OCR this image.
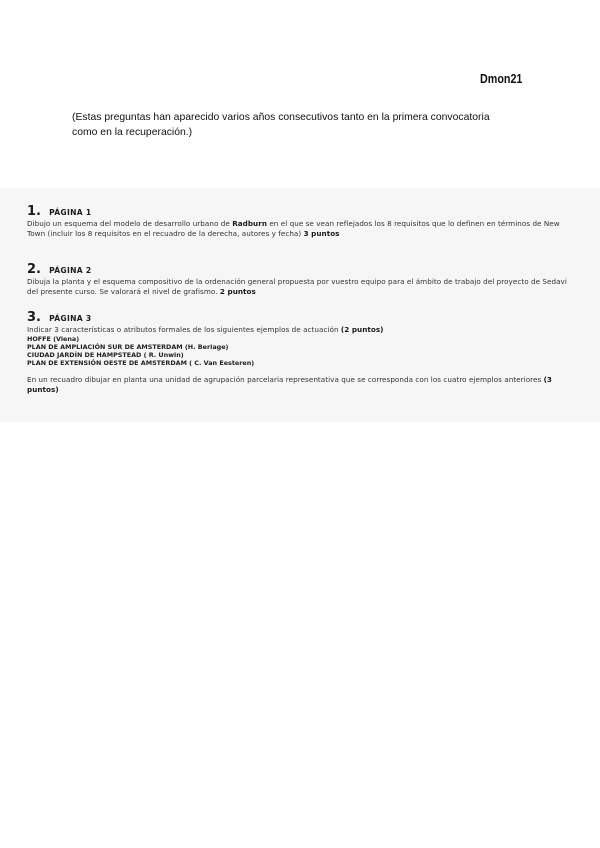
Dmon21
(Estas preguntas han aparecido varios años consecutivos tanto en la primera convocatoria
como en la recuperación.)
1. PÁGINA 1
Dibujo un esquema del modelo de desarrollo urbano de Radburn en el que se vean reflejados los 8 requisitos que lo definen en términos de New Town (incluir los 8 requisitos en el recuadro de la derecha, autores y fecha) 3 puntos
2. PÁGINA 2
Dibuja la planta y el esquema compositivo de la ordenación general propuesta por vuestro equipo para el ámbito de trabajo del proyecto de Sedavi del presente curso. Se valorará el nivel de grafismo. 2 puntos
3. PÁGINA 3
Indicar 3 características o atributos formales de los siguientes ejemplos de actuación (2 puntos)
HOFFE (Viena)
PLAN DE AMPLIACIÓN SUR DE AMSTERDAM (H. Berlage)
CIUDAD JARDÍN DE HAMPSTEAD ( R. Unwin)
PLAN DE EXTENSIÓN OESTE DE AMSTERDAM ( C. Van Eesteren)
En un recuadro dibujar en planta una unidad de agrupación parcelaria representativa que se corresponda con los cuatro ejemplos anteriores (3 puntos)
